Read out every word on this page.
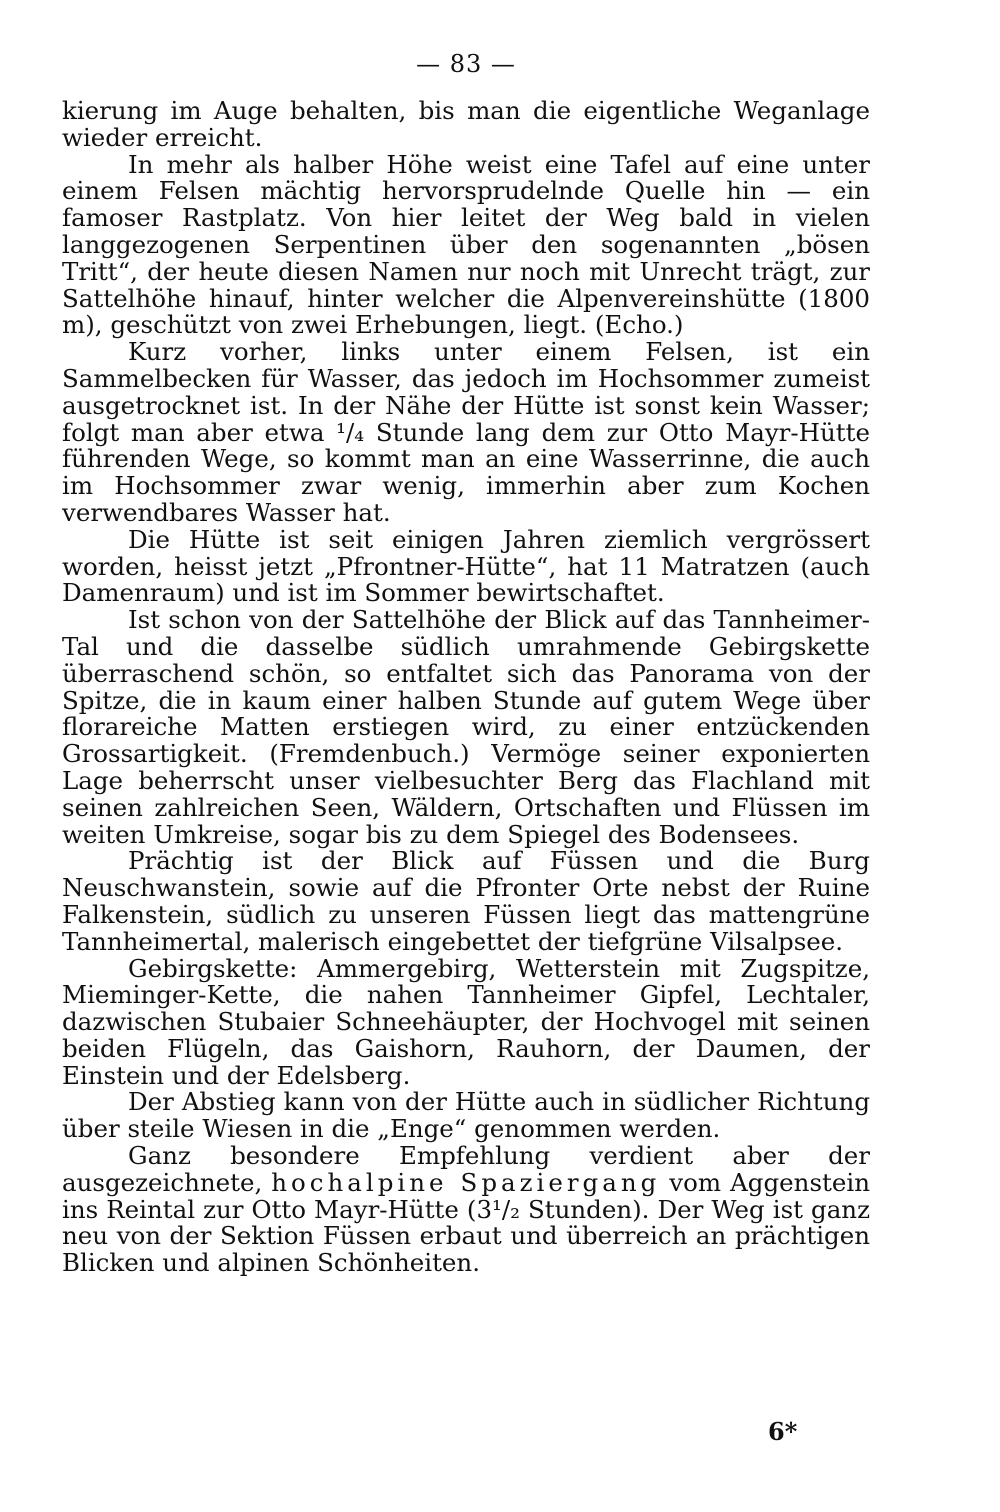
— 83 —

kierung im Auge behalten, bis man die eigentliche Weganlage wieder erreicht.

In mehr als halber Höhe weist eine Tafel auf eine unter einem Felsen mächtig hervorsprudelnde Quelle hin — ein famoser Rastplatz. Von hier leitet der Weg bald in vielen langgezogenen Serpentinen über den sogenannten „bösen Tritt“, der heute diesen Namen nur noch mit Unrecht trägt, zur Sattelhöhe hinauf, hinter welcher die Alpenvereinshütte (1800 m), geschützt von zwei Erhebungen, liegt. (Echo.)

Kurz vorher, links unter einem Felsen, ist ein Sammelbecken für Wasser, das jedoch im Hochsommer zumeist ausgetrocknet ist. In der Nähe der Hütte ist sonst kein Wasser; folgt man aber etwa ¹/₄ Stunde lang dem zur Otto Mayr-Hütte führenden Wege, so kommt man an eine Wasserrinne, die auch im Hochsommer zwar wenig, immerhin aber zum Kochen verwendbares Wasser hat.

Die Hütte ist seit einigen Jahren ziemlich vergrössert worden, heisst jetzt „Pfrontner-Hütte“, hat 11 Matratzen (auch Damenraum) und ist im Sommer bewirtschaftet.

Ist schon von der Sattelhöhe der Blick auf das Tannheimer-Tal und die dasselbe südlich umrahmende Gebirgskette überraschend schön, so entfaltet sich das Panorama von der Spitze, die in kaum einer halben Stunde auf gutem Wege über florareiche Matten erstiegen wird, zu einer entzückenden Grossartigkeit. (Fremdenbuch.) Vermöge seiner exponierten Lage beherrscht unser vielbesuchter Berg das Flachland mit seinen zahlreichen Seen, Wäldern, Ortschaften und Flüssen im weiten Umkreise, sogar bis zu dem Spiegel des Bodensees.

Prächtig ist der Blick auf Füssen und die Burg Neuschwanstein, sowie auf die Pfronter Orte nebst der Ruine Falkenstein, südlich zu unseren Füssen liegt das mattengrüne Tannheimertal, malerisch eingebettet der tiefgrüne Vilsalpsee.

Gebirgskette: Ammergebirg, Wetterstein mit Zugspitze, Mieminger-Kette, die nahen Tannheimer Gipfel, Lechtaler, dazwischen Stubaier Schneehäupter, der Hochvogel mit seinen beiden Flügeln, das Gaishorn, Rauhorn, der Daumen, der Einstein und der Edelsberg.

Der Abstieg kann von der Hütte auch in südlicher Richtung über steile Wiesen in die „Enge“ genommen werden.

Ganz besondere Empfehlung verdient aber der ausgezeichnete, hochalpine Spaziergang vom Aggenstein ins Reintal zur Otto Mayr-Hütte (3¹/₂ Stunden). Der Weg ist ganz neu von der Sektion Füssen erbaut und überreich an prächtigen Blicken und alpinen Schönheiten.

6*
